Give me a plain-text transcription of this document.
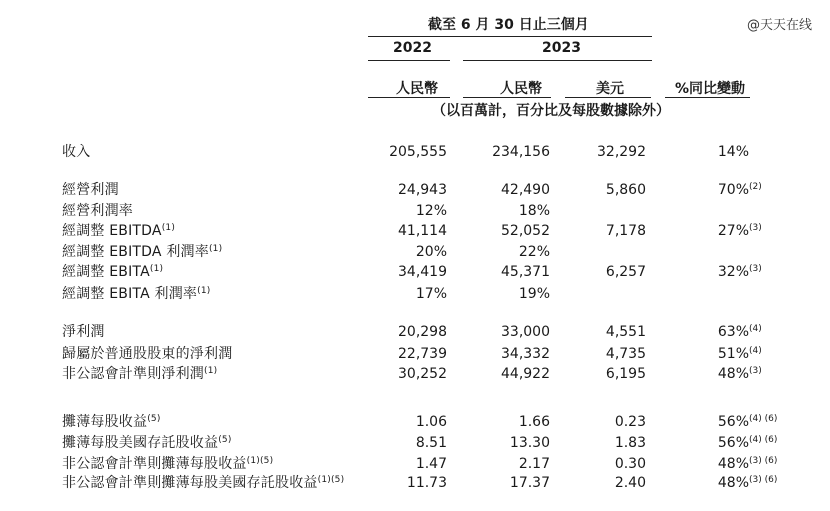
@天天在线
截至 6 月 30 日止三個月
2022	2023
人民幣	人民幣	美元	%同比變動
（以百萬計，百分比及每股數據除外）
收入	205,555	234,156	32,292	14%
經營利潤	24,943	42,490	5,860	70%$^{(2)}$
經營利潤率	12%	18%
經調整 EBITDA$^{(1)}$	41,114	52,052	7,178	27%$^{(3)}$
經調整 EBITDA 利潤率$^{(1)}$	20%	22%
經調整 EBITA$^{(1)}$	34,419	45,371	6,257	32%$^{(3)}$
經調整 EBITA 利潤率$^{(1)}$	17%	19%
淨利潤	20,298	33,000	4,551	63%$^{(4)}$
歸屬於普通股股東的淨利潤	22,739	34,332	4,735	51%$^{(4)}$
非公認會計準則淨利潤$^{(1)}$	30,252	44,922	6,195	48%$^{(3)}$
攤薄每股收益$^{(5)}$	1.06	1.66	0.23	56%$^{(4) (6)}$
攤薄每股美國存託股收益$^{(5)}$	8.51	13.30	1.83	56%$^{(4) (6)}$
非公認會計準則攤薄每股收益$^{(1)(5)}$	1.47	2.17	0.30	48%$^{(3) (6)}$
非公認會計準則攤薄每股美國存託股收益$^{(1)(5)}$	11.73	17.37	2.40	48%$^{(3) (6)}$
